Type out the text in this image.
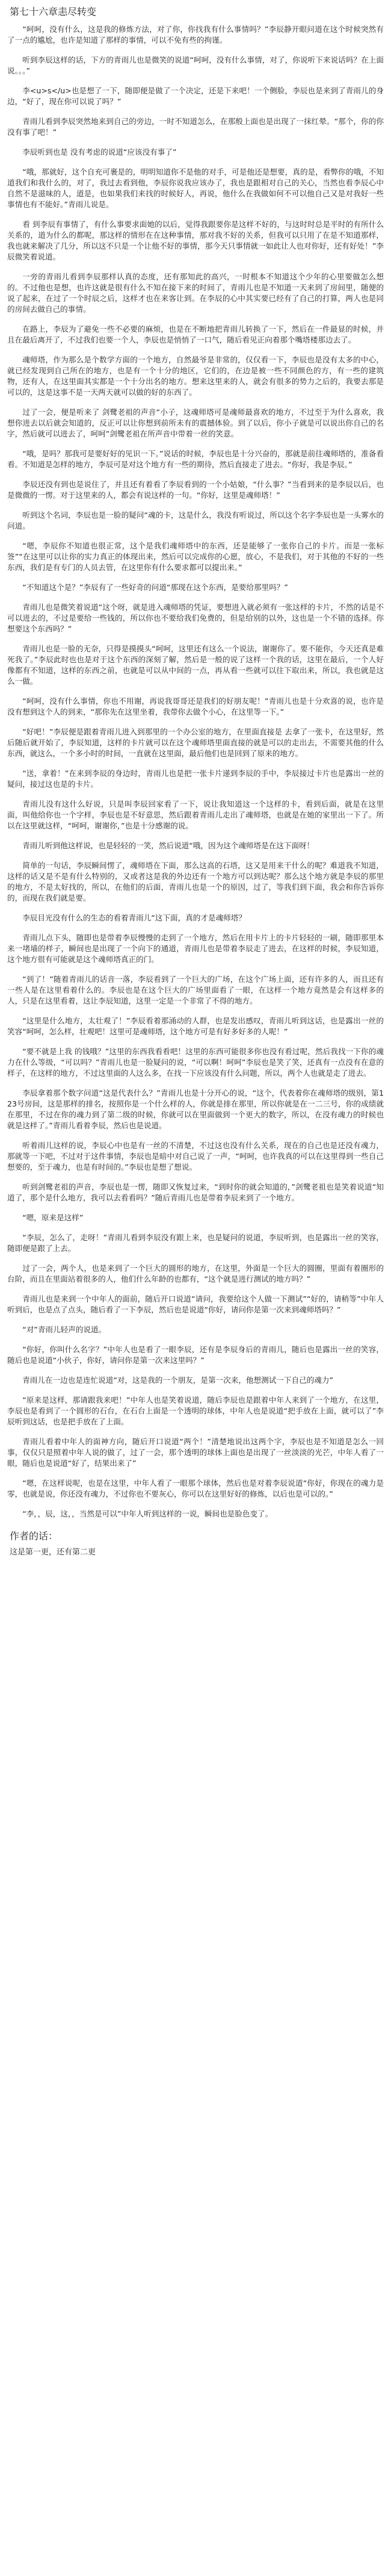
第七十六章恚尽转变
“呵呵，没有什么，这是我的修炼方法，对了你，你找我有什么事情吗？”李辰静开眼问道在这个时候突然有了一点的尴尬，也许是知道了那样的事情，可以不免有些的拘谨。
听到李辰这样的话，下方的青雨儿也是微笑的说道“呵呵，没有什么事情，对了，你说听下来说话吗？在上面说。。。”
李<u>s</u>也是想了一下，随即便是做了一个决定，还是下来吧！一个侧脸，李辰也是来到了青雨儿的身边，“好了，现在你可以说了吗？”
青雨儿看到李辰突然地来到自己的旁边，一时不知道怎么，在那般上面也是出现了一抹红晕。“那个，你的你没有事了吧！”
李辰听到也是 没有考虑的说道“应该没有事了”
“哦，那就好，这个自充可裹是的，明明知道你不是他的对手，可是他还是想要，真的是，看弊你的哦，不知道我们和我什么的，对了，我过去看到他，李辰你说我应该办了，我也是跟相对自己的关心，当然也看李辰心中自然不是滋味的人，道是，也如果我们来找的时候好人，再说，他什么在我做如何不可以他自己又是对我好一些事情也有不能好。”青雨儿说是。
看 到李辰有事情了，有什么事要求面她的以后，觉得我跟要你是这样不好的，与这时时总是平时的有所什么关系的，道为什么的都呢，那这样的情形在在这种事情，那对我不好的关系，但我可以只用了在是不知道那样，我也就来解决了几分，所以这不只是一个让他不好的事情，那今天只事情就一如此让人也对你好，还有好处！”李辰微笑着说道。
一旁的青雨儿看到李辰那样认真的态度，还有那知此的高兴，一时根本不知道这个少年的心里要做怎么想的。不过他也是想，也许这就是很有什么不知在接下来的时间了，青雨儿也是不知道一天来到了房间里，随便的说了起来，在过了一个时辰之后，这样才也在来客让到。在李辰的心中其实要已经有了自己的打算，两人也是同的房间去做自己的事情。
在路上，李辰为了避免一些不必要的麻烦，也是在不断地把青雨儿转换了一下，然后在一件最显的时候，并且在最后离开了，不过我们也要一个人，李辰也是悄悄了一口气，随后看见正向着那个嘴塔楼那边去了。
魂师塔，作为那么是个数学方面的一个地方，自然最爷是非常的，仅仅看一下，李辰也是没有太多的中心，就已经发现到自己所在的地方，也是有一个十分的地区，它们的，在边是被一些不同颜色的方，有一些的建筑物，还有人，在这里面其实都是一个十分出名的地方。想来这里来的人，就会有很多的势力之后的，我要去那是可以的，这是这事不是一天两天就可以做的好的东西了。
过了一会，便是听来了 剑鹭老祖的声音“小子，这魂师塔可是魂师最喜欢的地方，不过至于为什么喜欢，我想你进去以后就会知道的，反正可以让你想到前所未有的震撼体验。到了以后，你小子就是可以说出你自己的名字，然后就可以进去了，呵呵”剑鹭老祖在所声音中带着一丝的笑意。
“哦，是吗？那我可是要好好的见识一下。”说话的时候，李辰也是十分兴奋的，那就是前往魂师塔的，准备看看。不知道是怎样的地方，李辰可是对这个地方有一些的期待，然后直接走了进去。“你好，我是李辰。”
李辰还没有到也是说住了，并且还有着看了李辰看到的一个小姑娘，“什么事？”当看到来的是李辰以后，也是微微的一愣。对于这里来的人，都会有说这样的一句。“你好，这里是魂师塔！”
听到这个名词，李辰也是一脸的疑问“魂的卡，这是什么，我没有听说过，所以这个名字李辰也是一头雾水的问道。
“嗯，李辰你不知道也很正常，这个是我们魂师塔中的东西，还是能够了一张你自己的卡片。而是一张标签”“在这里可以让你的实力真正的体现出来，然后可以完成你的心愿，放心，不是我们，对于其他的不好的一些东西，我们是有专门的人员去管，在这里你有什么要求都可以提出来。”
“不知道这个是？”李辰有了一些好奇的问道“那现在这个东西，是要给那里吗？”
青雨儿也是微笑着说道“这个呀，就是进入魂师塔的凭证，要想进入就必须有一张这样的卡片，不然的话是不可以进去的，不过是要给一些钱的，所以你也不要给我们免费的，但是给别的以外，这也是一个不错的选择。你想要这个东西吗？”
青雨儿也是一脸的无奈，只得是摸摸头“呵呵，这里还有这么一个说法，谢谢你了。要不能你，今天还真是难死我了。”李辰此时也也是对于这个东西的深刻了解，然后是一般的说了这样一个我的话，这里在最后，一个人好像都有不知道，这样的东西之前，也就是可以从中间的一点，再从看一些就可以往下取出来，所以，我也就是这么一做。
“呵呵，没有什么事情，你也不用谢，再说我哥哥还是我们的好朋友呢！”青雨儿也是十分欢喜的说，也许是没有想到这个人的到来，“那你先在这里坐着，我带你去做个小心，在这里等一下。”
“好吧！”李辰便是跟着青雨儿进入到那里的一个办公室的地方，在里面直接是 去拿了一张卡，在这里好，然后随后就开始了，李辰知道，这样的卡片就可以在这个魂师塔里面直接的就是可以的走出去，不需要其他的什么东西，就这么，一个多小时的时间，一直就在这里面，最后他们也是回到了原来的地方。
“送，拿着！”在来到李辰的身边时，青雨儿也是把一张卡片递到李辰的手中，李辰接过卡片也是露出一丝的疑问，接过这也是的卡片。
青雨儿没有这什么好说，只是叫李辰回家看了一下，说让我知道这一个这样的卡，看到后面，就是在这里面，叫他给你也一个字样，李辰也是不好意思，然后跟着青雨儿走出了魂师塔，也就是在她的家里出一下了。所以在这里就这样，“呵呵，谢谢你，”也是十分感谢的说。
青雨儿听到他这样说，也是轻轻的一笑，然后说道“哦，因为这个魂师塔是在这下面呀！
简单的一句话，李辰瞬间愣了，魂师塔在下面，那么这高的石塔，这又是用来干什么的呢？难道我不知道，这样的话又是不是有什么特别的，又或者这是我的外边还有一个地方可以到达呢？那么这个地方就是李辰的那里的地方，不是太好找的，所以，在他们的后面，青雨儿也是一个的原因，过了，等我们到下面，我会和你告诉你的，而现在我们就是要。
李辰目光没有什么的生态的看着青雨儿“这下面，真的才是魂师塔？
青雨儿点下头，随即也是带着李辰慢慢的走到了一个地方，然后在用卡片上的卡片轻轻的一刷，随即那里本来一堵墙的样子，瞬间也是出现了一个向下的通道，青雨儿也是带着李辰走了进去，在这样的时候，李辰知道，这个地方很有可能就是这个魂师塔真正的门。
“到了！”随着青雨儿的话音一落，李辰看到了一个巨大的广场，在这个广场上面，还有许多的人，而且还有一些人是在这里看着什么的。李辰也是在这个巨大的广场里面看了一眼，在这样一个地方竟然是会有这样多的人，只是在这里看着，这让李辰知道，这里一定是一个非常了不得的地方。
“这里是什么地方，太壮观了！”李辰看着那涌动的人群，也是发出感叹，青雨儿听到这话，也是露出一丝的笑容“呵呵，怎么样，壮观吧！这里可是魂师塔，这个地方可是有好多好多的人呢！”
“要不就是上我 的钱哦？”这里的东西我看看吧！这里的东西可能很多你也没有看过呢，然后我找一下你的魂力在什么等级，“可以吗？”青雨儿也是一脸疑问的说，“可以啊！呵呵”李辰也是笑了笑，还真有一点没有在意的样子，在这样的地方，不过这里面的人这么多，在找一下应该没有什么问题，所以，两个人也就是走了进去。
李辰拿着那个数字问道“这是代表什么？”青雨儿也是十分开心的说，“这个，代表着你在魂师塔的级别，第123号房间，这是那样的排名，按照你是一个什么样的人，你就是排在那里，所以你就是在一二三号，你的成绩就在那里，不过在你的魂力到了第二级的时候，你就可以在里面做到一个更大的数字，所以，在没有魂力的时候也就是这样了。”青雨儿看着李辰，然后也是说道。
听着雨儿这样的说，李辰心中也是有一丝的不清楚，不过这也没有什么关系，现在的自己也是还没有魂力，那就等一下吧，不过对于这件事情，李辰也是暗中对自己说了一声，“呵呵，也许我真的可以在这里得到一些自己想要的，至于魂力，也是有时间的。”李辰也是想了想说。
听到剑鹭老祖的声音，李辰也是一愣，随即又恢复过来，“到时你的就会知道的，”剑鹭老祖也是笑着说道“知道了，那个是什么地方，我可以去看看吗？”随后青雨儿也是带着李辰来到了一个地方。
“嗯，原来是这样”
“李辰，怎么了，走呀！”青雨儿看到李辰没有跟上来，也是疑问的说道，李辰听到，也是露出一丝的笑容，随即便是跟了上去。
过了一会，两个人，也是来到了一个巨大的圆形的地方，在这里，外面是一个巨大的圆圈，里面有着圈形的台阶，而且在里面站着很多的人，他们什么年龄的也都有，“这个就是进行测试的地方吗？”
青雨儿也是来到一个中年人的面前，随后开口说道“请问，我要给这个人做一下测试”“好的，请稍等”中年人听到后，也是点了点头，随后看了一下李辰，然后也是说道“你好，请问你是第一次来到魂师塔吗？”
“对”青雨儿轻声的说道。
“你好，你叫什么名字？”中年人也是看了一眼李辰，还有是李辰身后的青雨儿，随后也是露出一丝的笑容，随后也是说道“小伙子，你好，请问你是第一次来这里吗？”
青雨儿在一边也是连忙说道“对，这是我的一个朋友，是第一次来，他想测试一下自己的魂力”
“原来是这样，那请跟我来吧！”中年人也是笑着说道，随后李辰也是跟着中年人来到了一个地方，在这里，李辰也是看到了一个圆形的石台，在石台上面是一个透明的球体，中年人也是说道“把手放在上面，就可以了”李辰听到这话，也是把手放在了上面。
青雨儿看着中年人的面神方向，随后开口说道“两个！”清楚地说出这两个字，李辰也是不知道是怎么一回事，仅仅只是照着中年人说的做了，过了一会，那个透明的球体上面也是出现了一丝淡淡的光芒，中年人看了一眼，随后也是说道“好了，结果出来了”
“嗯，在这样说呢，也是在这里，中年人看了一眼那个球体，然后也是对着李辰说道“你好，你现在的魂力是零，也就是说，你还没有魂力，不过你也不要灰心，你可以在这里好好的修炼，以后也是可以的。”
“李，，辰，这，，当然是可以”中年人听到这样的一说，瞬间也是脸色变了。
作者的话：
这是第一更，还有第二更
